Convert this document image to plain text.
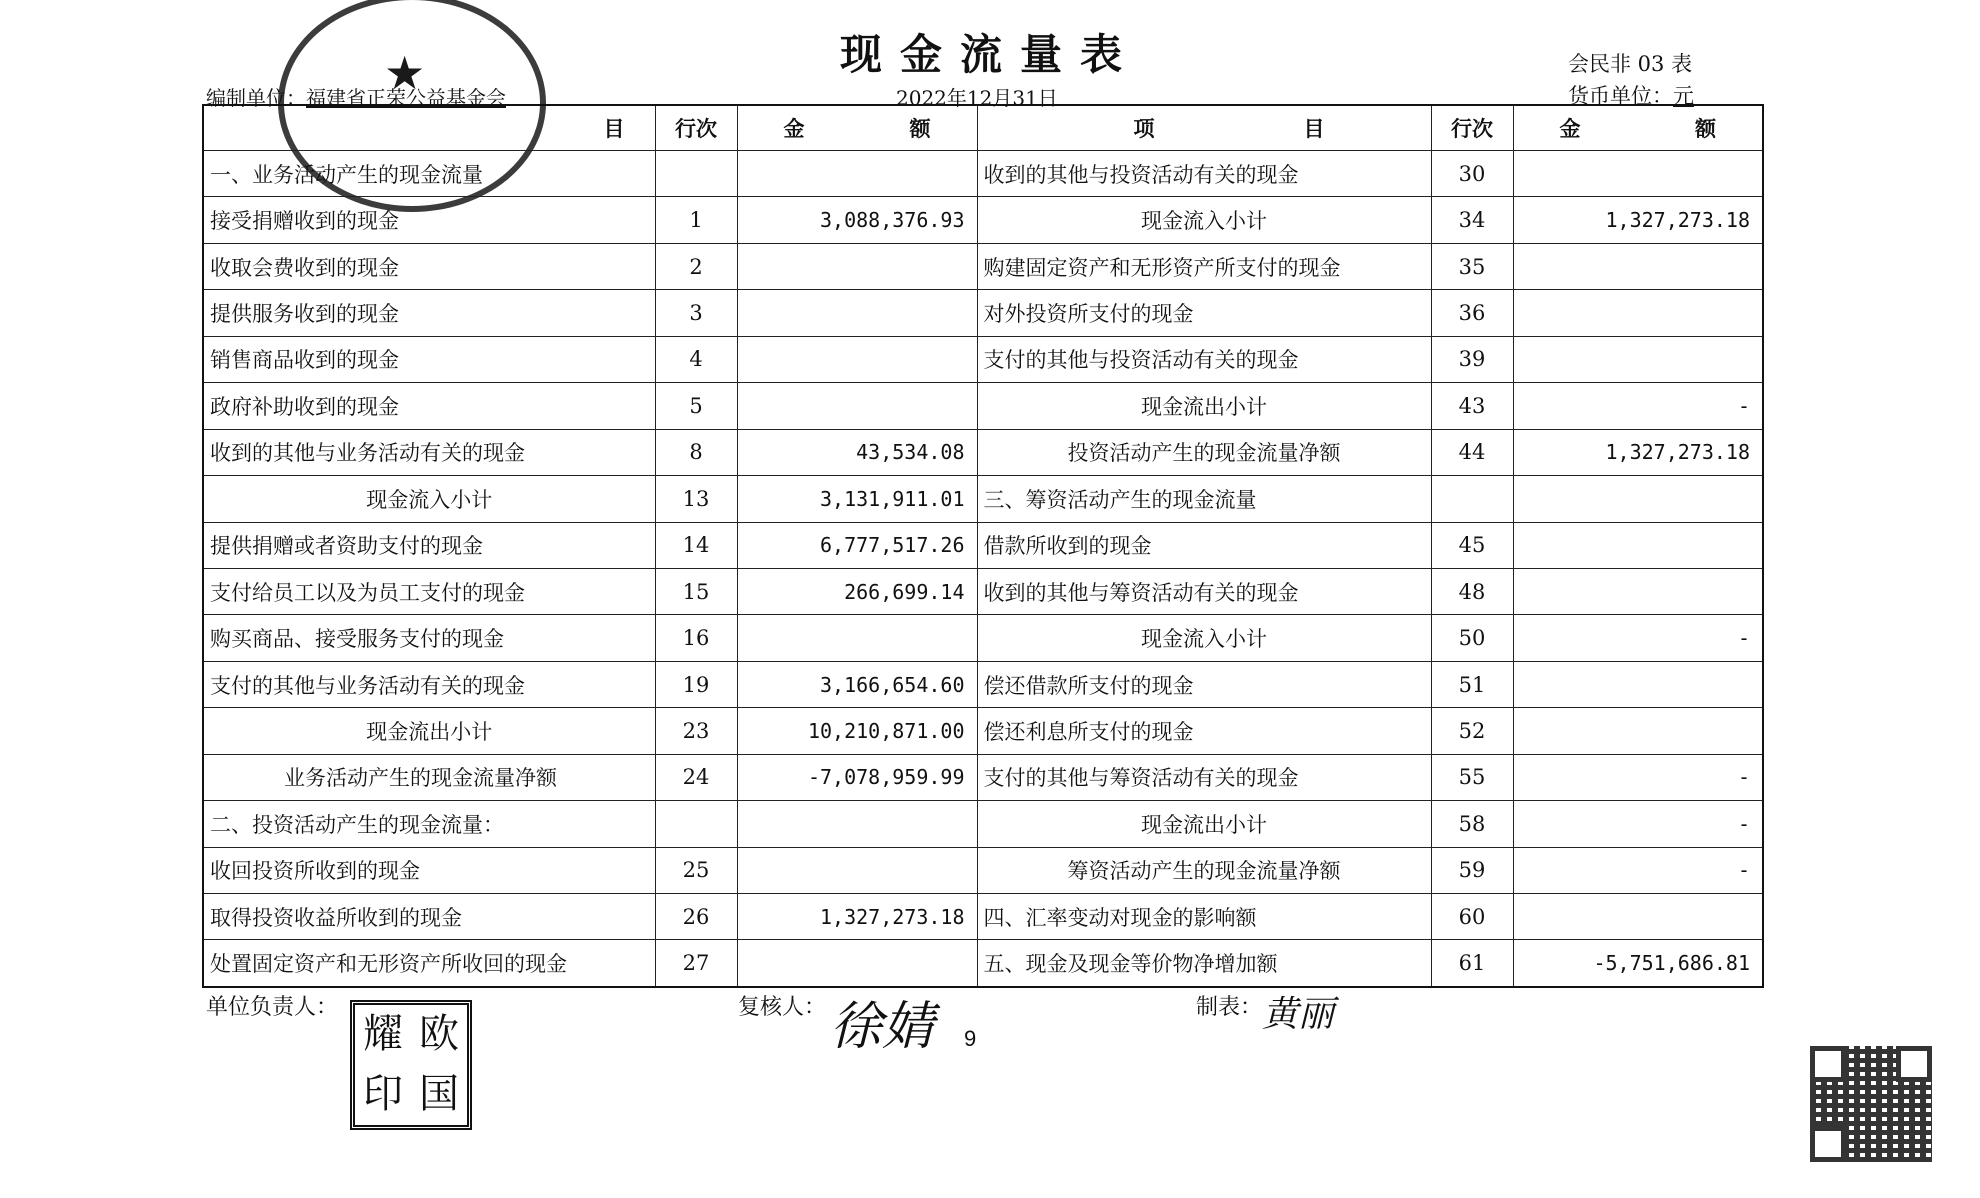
★	现金流量表	会民非 03 表
编制单位：福建省正荣公益基金会	2022年12月31日	货币单位：元
目	行次	金 额	项 目	行次	金 额

一、业务活动产生的现金流量			收到的其他与投资活动有关的现金	30	
接受捐赠收到的现金	1	3,088,376.93	现金流入小计	34	1,327,273.18
收取会费收到的现金	2		购建固定资产和无形资产所支付的现金	35	
提供服务收到的现金	3		对外投资所支付的现金	36	
销售商品收到的现金	4		支付的其他与投资活动有关的现金	39	
政府补助收到的现金	5		现金流出小计	43	-
收到的其他与业务活动有关的现金	8	43,534.08	投资活动产生的现金流量净额	44	1,327,273.18
现金流入小计	13	3,131,911.01	三、筹资活动产生的现金流量		
提供捐赠或者资助支付的现金	14	6,777,517.26	借款所收到的现金	45	
支付给员工以及为员工支付的现金	15	266,699.14	收到的其他与筹资活动有关的现金	48	
购买商品、接受服务支付的现金	16		现金流入小计	50	-
支付的其他与业务活动有关的现金	19	3,166,654.60	偿还借款所支付的现金	51	
现金流出小计	23	10,210,871.00	偿还利息所支付的现金	52	
业务活动产生的现金流量净额	24	-7,078,959.99	支付的其他与筹资活动有关的现金	55	-
二、投资活动产生的现金流量：			现金流出小计	58	-
收回投资所收到的现金	25		筹资活动产生的现金流量净额	59	-
取得投资收益所收到的现金	26	1,327,273.18	四、汇率变动对现金的影响额	60	
处置固定资产和无形资产所收回的现金	27		五、现金及现金等价物净增加额	61	-5,751,686.81
单位负责人：
耀 欧
印 国
复核人： 徐婧 9
制表： 黄丽
